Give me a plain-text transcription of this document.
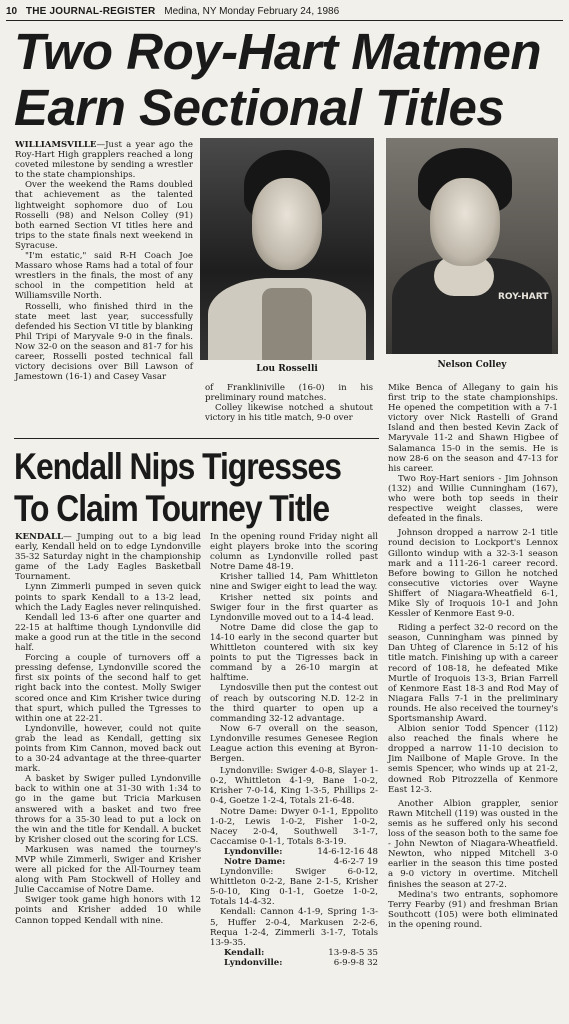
10 THE JOURNAL-REGISTER Medina, NY Monday February 24, 1986
Two Roy-Hart Matmen
Earn Sectional Titles

WILLIAMSVILLE—Just a year ago the Roy-Hart High grapplers reached a long coveted milestone by sending a wrestler to the state championships.

Over the weekend the Rams doubled that achievement as the talented lightweight sophomore duo of Lou Rosselli (98) and Nelson Colley (91) both earned Section VI titles here and trips to the state finals next weekend in Syracuse.

"I'm estatic," said R-H Coach Joe Massaro whose Rams had a total of four wrestlers in the finals, the most of any school in the competition held at Williamsville North.

Rosselli, who finished third in the state meet last year, successfully defended his Section VI title by blanking Phil Tripi of Maryvale 9-0 in the finals. Now 32-0 on the season and 81-7 for his career, Rosselli posted technical fall victory decisions over Bill Lawson of Jamestown (16-1) and Casey Vasar

Lou Rosselli
ROY-HART
Nelson Colley

of Frankliniville (16-0) in his preliminary round matches.

Colley likewise notched a shutout victory in his title match, 9-0 over

Mike Benca of Allegany to gain his first trip to the state championships. He opened the competition with a 7-1 victory over Nick Rastelli of Grand Island and then bested Kevin Zack of Maryvale 11-2 and Shawn Higbee of Salamanca 15-0 in the semis. He is now 28-6 on the season and 47-13 for his career.

Two Roy-Hart seniors - Jim Johnson (132) and Willie Cunningham (167), who were both top seeds in their respective weight classes, were defeated in the finals.

Johnson dropped a narrow 2-1 title round decision to Lockport's Lennox Gillonto windup with a 32-3-1 season mark and a 111-26-1 career record. Before bowing to Gillon he notched consecutive victories over Wayne Shiffert of Niagara-Wheatfield 6-1, Mike Sly of Iroquois 10-1 and John Kessler of Kenmore East 9-0.

Riding a perfect 32-0 record on the season, Cunningham was pinned by Dan Uhteg of Clarence in 5:12 of his title match. Finishing up with a career record of 108-18, he defeated Mike Murtle of Iroquois 13-3, Brian Farrell of Kenmore East 18-3 and Rod May of Niagara Falls 7-1 in the preliminary rounds. He also received the tourney's Sportsmanship Award.

Albion senior Todd Spencer (112) also reached the finals where he dropped a narrow 11-10 decision to Jim Nailbone of Maple Grove. In the semis Spencer, who winds up at 21-2, downed Rob Pitrozzella of Kenmore East 12-3.

Another Albion grappler, senior Rawn Mitchell (119) was ousted in the semis as he suffered only his second loss of the season both to the same foe - John Newton of Niagara-Wheatfield. Newton, who nipped Mitchell 3-0 earlier in the season this time posted a 9-0 victory in overtime. Mitchell finishes the season at 27-2.

Medina's two entrants, sophomore Terry Fearby (91) and freshman Brian Southcott (105) were both eliminated in the opening round.

Kendall Nips Tigresses
To Claim Tourney Title

KENDALL— Jumping out to a big lead early, Kendall held on to edge Lyndonville 35-32 Saturday night in the championship game of the Lady Eagles Basketball Tournament.

Lynn Zimmerli pumped in seven quick points to spark Kendall to a 13-2 lead, which the Lady Eagles never relinquished.

Kendall led 13-6 after one quarter and 22-15 at halftime though Lyndonville did make a good run at the title in the second half.

Forcing a couple of turnovers off a pressing defense, Lyndonville scored the first six points of the second half to get right back into the contest. Molly Swiger scored once and Kim Krisher twice during that spurt, which pulled the Tgresses to within one at 22-21.

Lyndonville, however, could not quite grab the lead as Kendall, getting six points from Kim Cannon, moved back out to a 30-24 advantage at the three-quarter mark.

A basket by Swiger pulled Lyndonville back to within one at 31-30 with 1:34 to go in the game but Tricia Markusen answered with a basket and two free throws for a 35-30 lead to put a lock on the win and the title for Kendall. A bucket by Krisher closed out the scoring for LCS.

Markusen was named the tourney's MVP while Zimmerli, Swiger and Krisher were all picked for the All-Tourney team along with Pam Stockwell of Holley and Julie Caccamise of Notre Dame.

Swiger took game high honors with 12 points and Krisher added 10 while Cannon topped Kendall with nine.

In the opening round Friday night all eight players broke into the scoring column as Lyndonville rolled past Notre Dame 48-19.

Krisher tallied 14, Pam Whittleton nine and Swiger eight to lead the way.

Krisher netted six points and Swiger four in the first quarter as Lyndonville moved out to a 14-4 lead.

Notre Dame did close the gap to 14-10 early in the second quarter but Whittleton countered with six key points to put the Tigresses back in command by a 26-10 margin at halftime.

Lyndosville then put the contest out of reach by outscoring N.D. 12-2 in the third quarter to open up a commanding 32-12 advantage.

Now 6-7 overall on the season, Lyndonville resumes Genesee Region League action this evening at Byron-Bergen.

Lyndonville: Swiger 4-0-8, Slayer 1-0-2, Whittleton 4-1-9, Bane 1-0-2, Krisher 7-0-14, King 1-3-5, Phillips 2-0-4, Goetze 1-2-4, Totals 21-6-48.

Notre Dame: Dwyer 0-1-1, Eppolito 1-0-2, Lewis 1-0-2, Fisher 1-0-2, Nacey 2-0-4, Southwell 3-1-7, Caccamise 0-1-1, Totals 8-3-19.

Lyndonville:	14-6-12-16 48
Notre Dame:	4-6-2-7 19

Lyndonville: Swiger 6-0-12, Whittleton 0-2-2, Bane 2-1-5, Krisher 5-0-10, King 0-1-1, Goetze 1-0-2, Totals 14-4-32.

Kendall: Cannon 4-1-9, Spring 1-3-5, Huffer 2-0-4, Markusen 2-2-6, Requa 1-2-4, Zimmerli 3-1-7, Totals 13-9-35.

Kendall:	13-9-8-5 35
Lyndonville:	6-9-9-8 32
